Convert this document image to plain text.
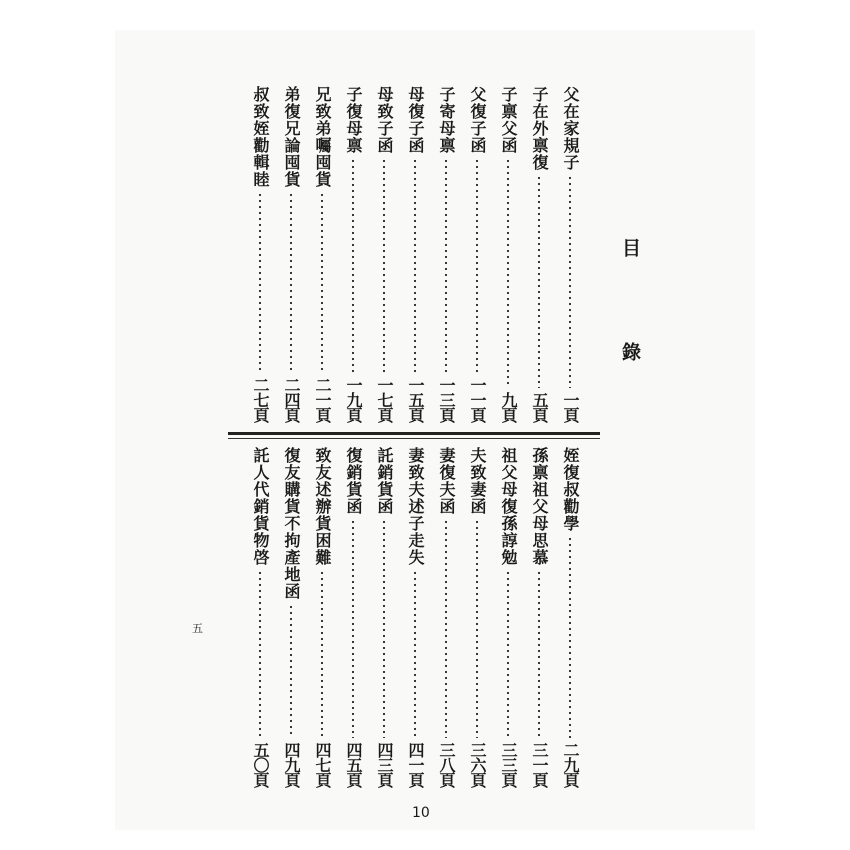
目
錄
父在家規子
一頁
子在外禀復
五頁
子禀父函
九頁
父復子函
一一頁
子寄母禀
一三頁
母復子函
一五頁
母致子函
一七頁
子復母禀
一九頁
兄致弟囑囤貨
二一頁
弟復兄論囤貨
二四頁
叔致姪勸輯睦
二七頁
姪復叔勸學
二九頁
孫禀祖父母思慕
三一頁
祖父母復孫諄勉
三三頁
夫致妻函
三六頁
妻復夫函
三八頁
妻致夫述子走失
四一頁
託銷貨函
四三頁
復銷貨函
四五頁
致友述辦貨困難
四七頁
復友購貨不拘產地函
四九頁
託人代銷貨物啓
五〇頁
五
10
